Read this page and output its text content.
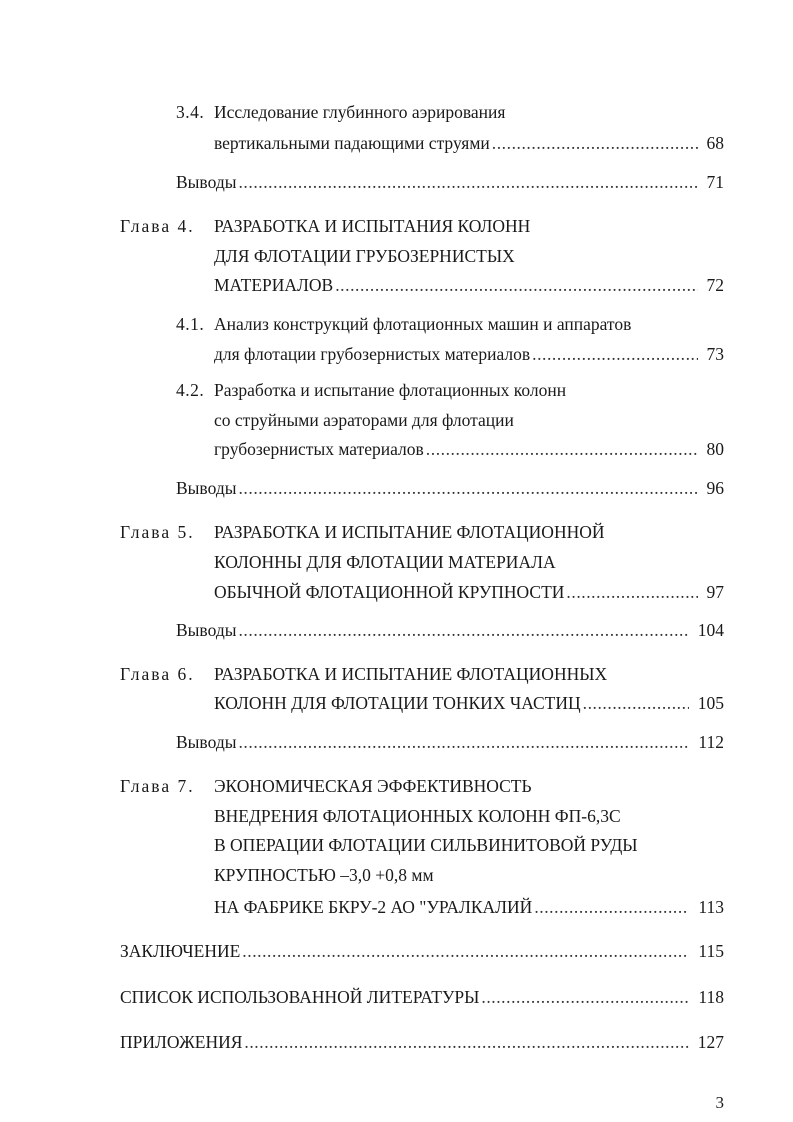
3.4. Исследование глубинного аэрирования
вертикальными падающими струями . . .	68
Выводы . . .	71
Глава 4. РАЗРАБОТКА И ИСПЫТАНИЯ КОЛОНН
ДЛЯ ФЛОТАЦИИ ГРУБОЗЕРНИСТЫХ
МАТЕРИАЛОВ . . .	72
4.1. Анализ конструкций флотационных машин и аппаратов
для флотации грубозернистых материалов . . .	73
4.2. Разработка и испытание флотационных колонн
со струйными аэраторами для флотации
грубозернистых материалов . . .	80
Выводы . . .	96
Глава 5. РАЗРАБОТКА И ИСПЫТАНИЕ ФЛОТАЦИОННОЙ
КОЛОННЫ ДЛЯ ФЛОТАЦИИ МАТЕРИАЛА
ОБЫЧНОЙ ФЛОТАЦИОННОЙ КРУПНОСТИ . . .	97
Выводы . . .	104
Глава 6. РАЗРАБОТКА И ИСПЫТАНИЕ ФЛОТАЦИОННЫХ
КОЛОНН ДЛЯ ФЛОТАЦИИ ТОНКИХ ЧАСТИЦ . . .	105
Выводы . . .	112
Глава 7. ЭКОНОМИЧЕСКАЯ ЭФФЕКТИВНОСТЬ
ВНЕДРЕНИЯ ФЛОТАЦИОННЫХ КОЛОНН ФП-6,3С
В ОПЕРАЦИИ ФЛОТАЦИИ СИЛЬВИНИТОВОЙ РУДЫ
КРУПНОСТЬЮ –3,0 +0,8 мм
НА ФАБРИКЕ БКРУ-2 АО "УРАЛКАЛИЙ . . .	113
ЗАКЛЮЧЕНИЕ . . .	115
СПИСОК ИСПОЛЬЗОВАННОЙ ЛИТЕРАТУРЫ . . .	118
ПРИЛОЖЕНИЯ . . .	127
3
